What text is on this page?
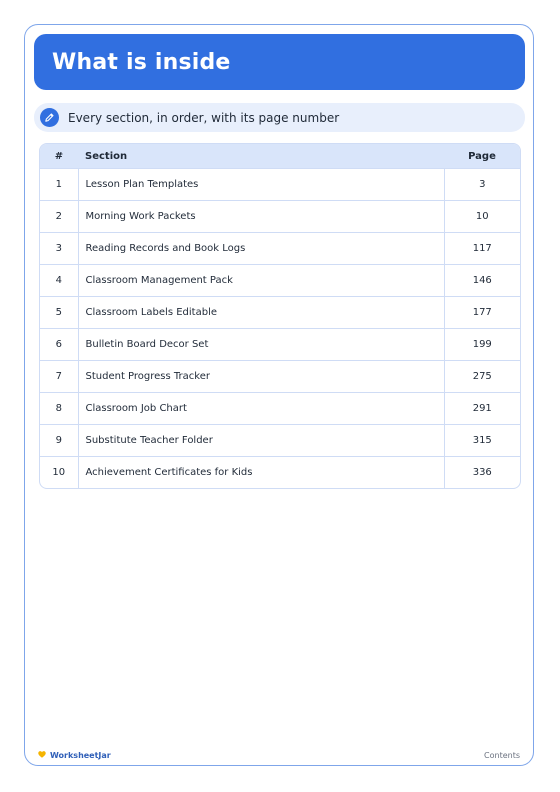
What is inside
Every section, in order, with its page number
#	Section	Page
1	Lesson Plan Templates	3
2	Morning Work Packets	10
3	Reading Records and Book Logs	117
4	Classroom Management Pack	146
5	Classroom Labels Editable	177
6	Bulletin Board Decor Set	199
7	Student Progress Tracker	275
8	Classroom Job Chart	291
9	Substitute Teacher Folder	315
10	Achievement Certificates for Kids	336
WorksheetJar	Contents
